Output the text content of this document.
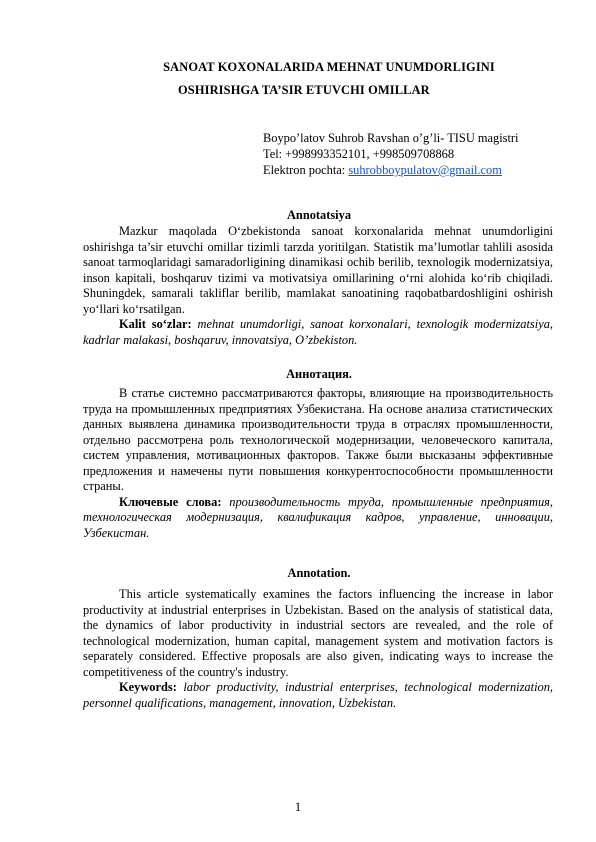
SANOAT KOXONALARIDA MEHNAT UNUMDORLIGINI
OSHIRISHGA TA’SIR ETUVCHI OMILLAR
Boypo’latov Suhrob Ravshan o’g’li- TISU magistri
Tel: +998993352101, +998509708868
Elektron pochta: suhrobboypulatov@gmail.com
Annotatsiya

Mazkur maqolada O‘zbekistonda sanoat korxonalarida mehnat unumdorligini oshirishga ta’sir etuvchi omillar tizimli tarzda yoritilgan. Statistik ma’lumotlar tahlili asosida sanoat tarmoqlaridagi samaradorligining dinamikasi ochib berilib, texnologik modernizatsiya, inson kapitali, boshqaruv tizimi va motivatsiya omillarining o‘rni alohida ko‘rib chiqiladi. Shuningdek, samarali takliflar berilib, mamlakat sanoatining raqobatbardoshligini oshirish yo‘llari ko‘rsatilgan.

Kalit so‘zlar: mehnat unumdorligi, sanoat korxonalari, texnologik modernizatsiya, kadrlar malakasi, boshqaruv, innovatsiya, O’zbekiston.

Аннотация.

В статье системно рассматриваются факторы, влияющие на производительность труда на промышленных предприятиях Узбекистана. На основе анализа статистических данных выявлена динамика производительности труда в отраслях промышленности, отдельно рассмотрена роль технологической модернизации, человеческого капитала, систем управления, мотивационных факторов. Также были высказаны эффективные предложения и намечены пути повышения конкурентоспособности промышленности страны.

Ключевые слова: производительность труда, промышленные предприятия, технологическая модернизация, квалификация кадров, управление, инновации, Узбекистан.

Annotation.

This article systematically examines the factors influencing the increase in labor productivity at industrial enterprises in Uzbekistan. Based on the analysis of statistical data, the dynamics of labor productivity in industrial sectors are revealed, and the role of technological modernization, human capital, management system and motivation factors is separately considered. Effective proposals are also given, indicating ways to increase the competitiveness of the country's industry.

Keywords: labor productivity, industrial enterprises, technological modernization, personnel qualifications, management, innovation, Uzbekistan.

1
